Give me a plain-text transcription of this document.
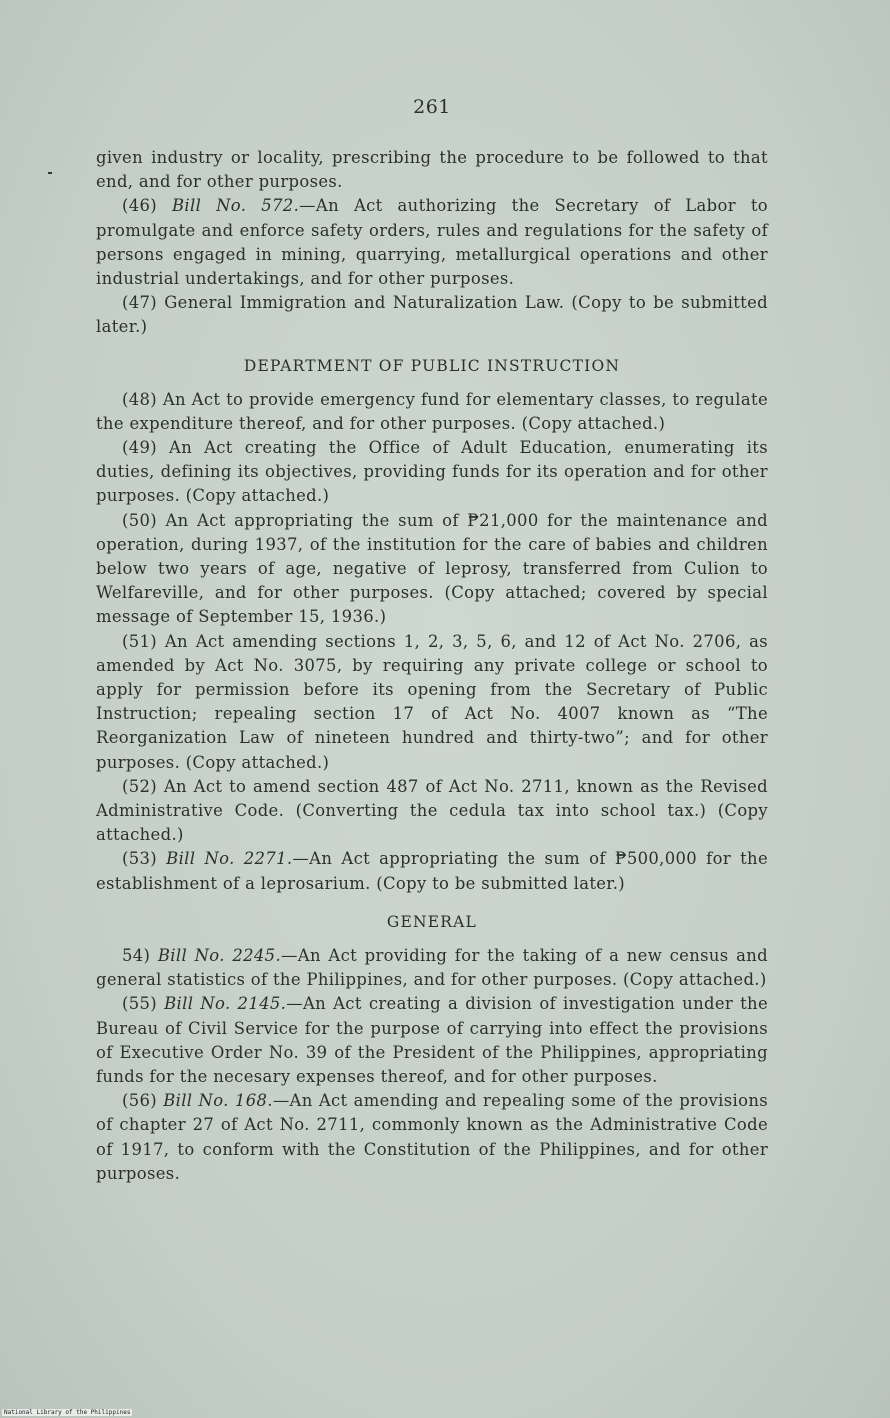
261

given industry or locality, prescribing the procedure to be followed to that end, and for other purposes.

(46) Bill No. 572.—An Act authorizing the Secretary of Labor to promulgate and enforce safety orders, rules and regulations for the safety of persons engaged in mining, quarrying, metallurgical operations and other industrial undertakings, and for other purposes.

(47) General Immigration and Naturalization Law. (Copy to be submitted later.)

DEPARTMENT OF PUBLIC INSTRUCTION

(48) An Act to provide emergency fund for elementary classes, to regulate the expenditure thereof, and for other purposes. (Copy attached.)

(49) An Act creating the Office of Adult Education, enumerating its duties, defining its objectives, providing funds for its operation and for other purposes. (Copy attached.)

(50) An Act appropriating the sum of ₱21,000 for the maintenance and operation, during 1937, of the institution for the care of babies and children below two years of age, negative of leprosy, transferred from Culion to Welfareville, and for other purposes. (Copy attached; covered by special message of September 15, 1936.)

(51) An Act amending sections 1, 2, 3, 5, 6, and 12 of Act No. 2706, as amended by Act No. 3075, by requiring any private college or school to apply for permission before its opening from the Secretary of Public Instruction; repealing section 17 of Act No. 4007 known as “The Reorganization Law of nineteen hundred and thirty-two”; and for other purposes. (Copy attached.)

(52) An Act to amend section 487 of Act No. 2711, known as the Revised Administrative Code. (Converting the cedula tax into school tax.) (Copy attached.)

(53) Bill No. 2271.—An Act appropriating the sum of ₱500,000 for the establishment of a leprosarium. (Copy to be submitted later.)

GENERAL

54) Bill No. 2245.—An Act providing for the taking of a new census and general statistics of the Philippines, and for other purposes. (Copy attached.)

(55) Bill No. 2145.—An Act creating a division of investigation under the Bureau of Civil Service for the purpose of carrying into effect the provisions of Executive Order No. 39 of the President of the Philippines, appropriating funds for the necesary expenses thereof, and for other purposes.

(56) Bill No. 168.—An Act amending and repealing some of the provisions of chapter 27 of Act No. 2711, commonly known as the Administrative Code of 1917, to conform with the Constitution of the Philippines, and for other purposes.

National Library of the Philippines
